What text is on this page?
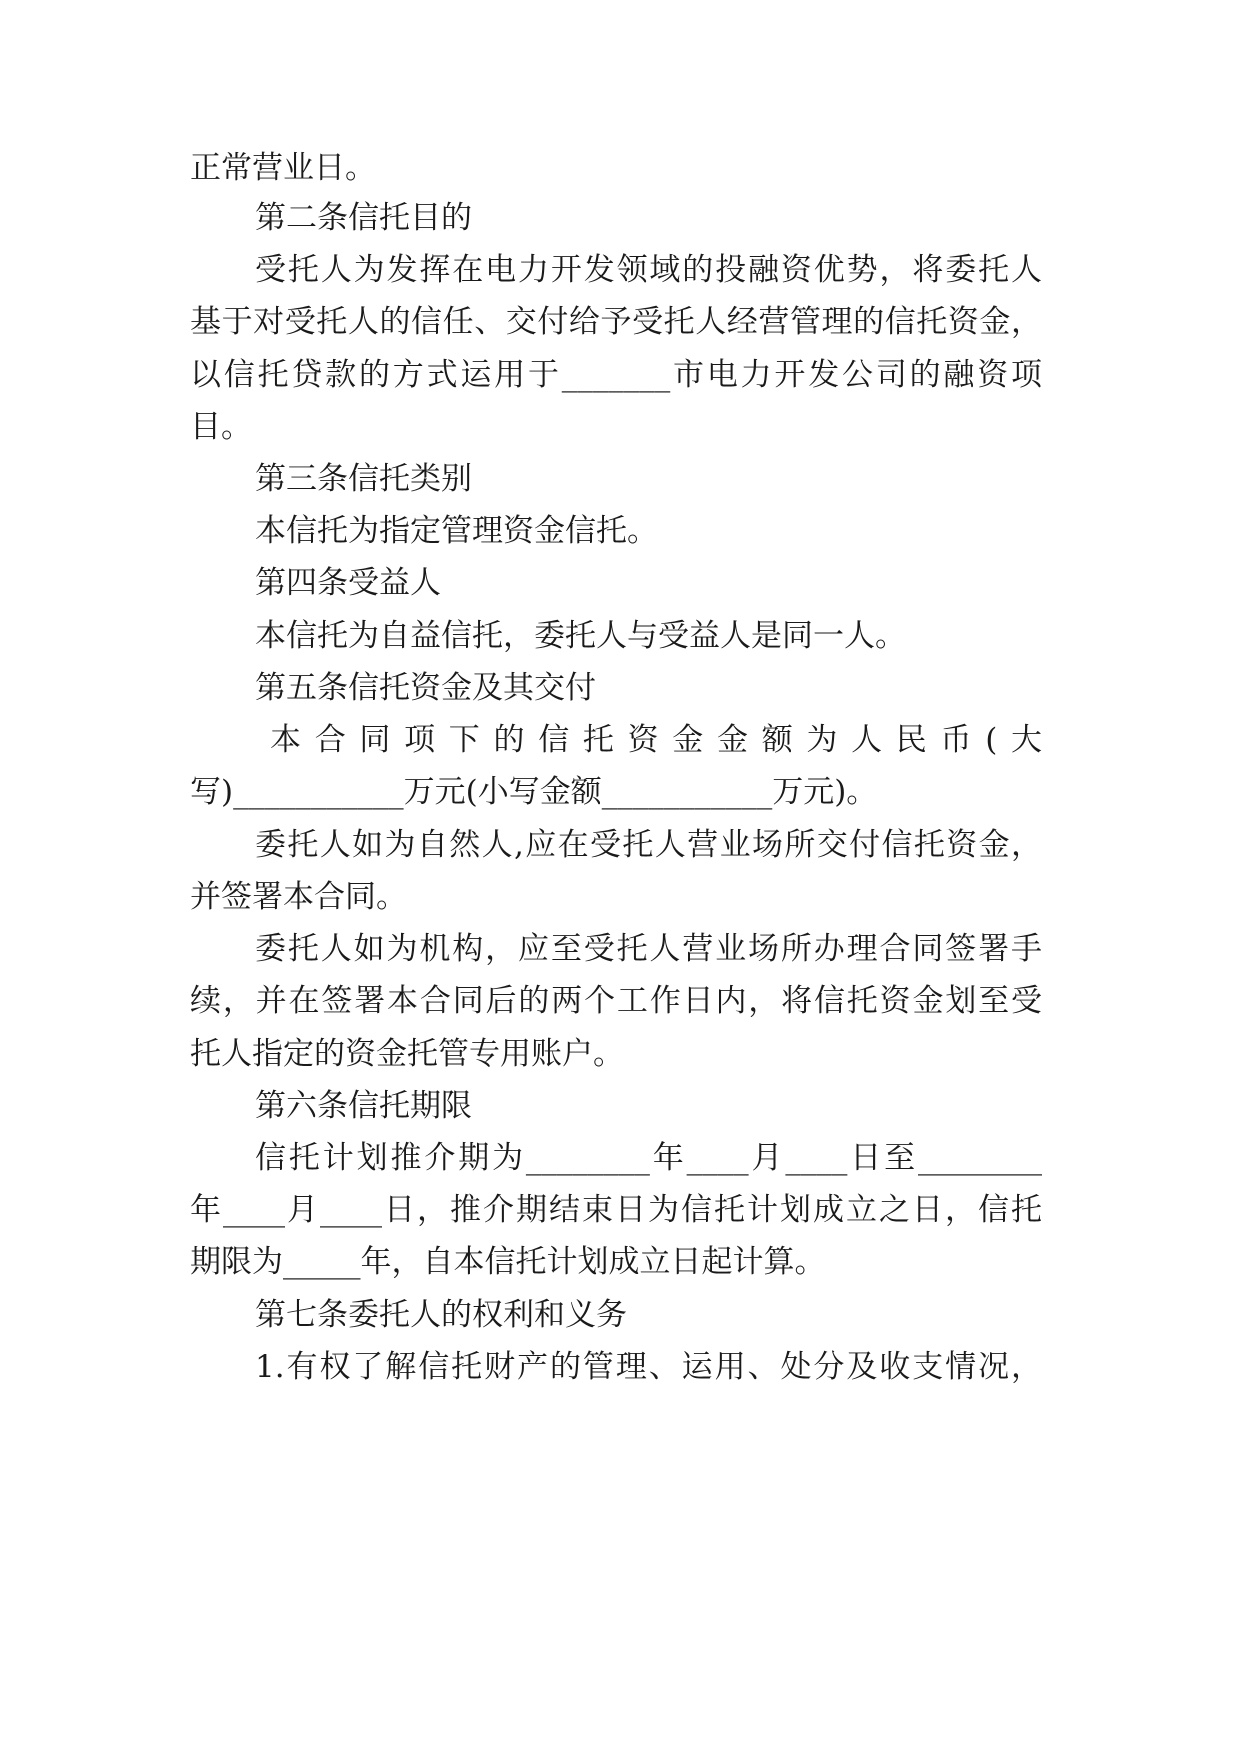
正常营业日。
第二条信托目的
受托人为发挥在电力开发领域的投融资优势，将委托人
基于对受托人的信任、交付给予受托人经营管理的信托资金，
以信托贷款的方式运用于_______市电力开发公司的融资项
目。
第三条信托类别
本信托为指定管理资金信托。
第四条受益人
本信托为自益信托，委托人与受益人是同一人。
第五条信托资金及其交付
本合同项下的信托资金金额为人民币(大
写)___________万元(小写金额___________万元)。
委托人如为自然人,应在受托人营业场所交付信托资金，
并签署本合同。
委托人如为机构，应至受托人营业场所办理合同签署手
续，并在签署本合同后的两个工作日内，将信托资金划至受
托人指定的资金托管专用账户。
第六条信托期限
信托计划推介期为________年____月____日至________
年____月____日，推介期结束日为信托计划成立之日，信托
期限为_____年，自本信托计划成立日起计算。
第七条委托人的权利和义务
1.有权了解信托财产的管理、运用、处分及收支情况，
